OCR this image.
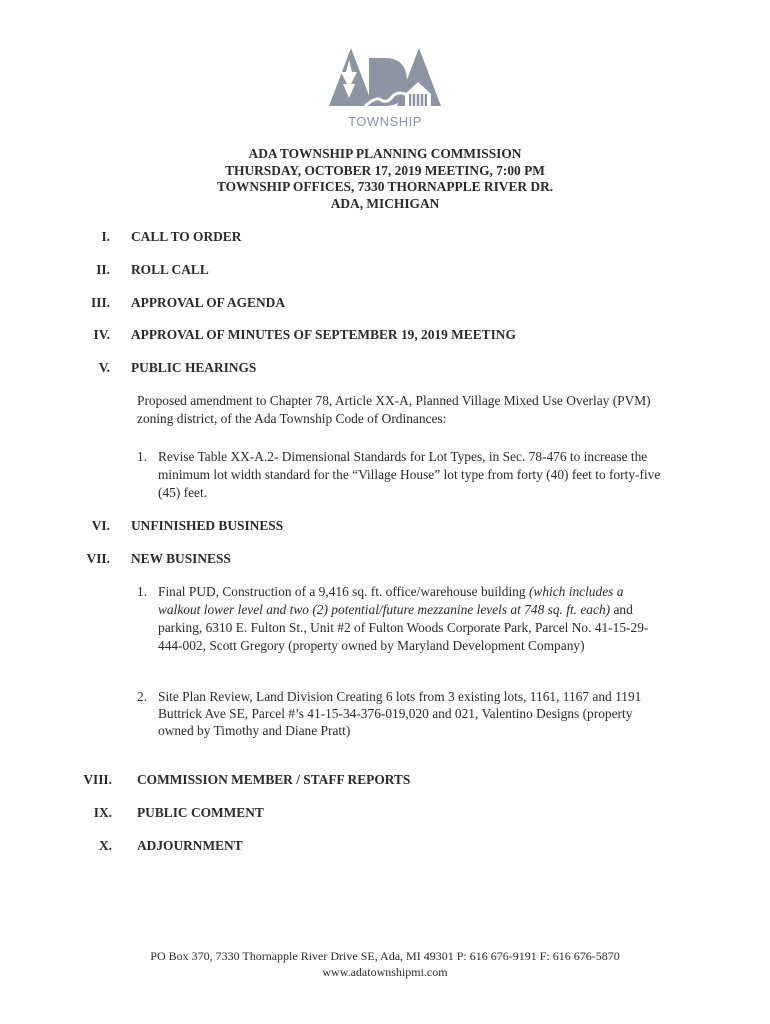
TOWNSHIP
ADA TOWNSHIP PLANNING COMMISSION
THURSDAY, OCTOBER 17, 2019 MEETING, 7:00 PM
TOWNSHIP OFFICES, 7330 THORNAPPLE RIVER DR.
ADA, MICHIGAN
I. CALL TO ORDER
II. ROLL CALL
III. APPROVAL OF AGENDA
IV. APPROVAL OF MINUTES OF SEPTEMBER 19, 2019 MEETING
V. PUBLIC HEARINGS
Proposed amendment to Chapter 78, Article XX-A, Planned Village Mixed Use Overlay (PVM)
zoning district, of the Ada Township Code of Ordinances:
1. Revise Table XX-A.2- Dimensional Standards for Lot Types, in Sec. 78-476 to increase the
minimum lot width standard for the “Village House” lot type from forty (40) feet to forty-five
(45) feet.
VI. UNFINISHED BUSINESS
VII. NEW BUSINESS
1. Final PUD, Construction of a 9,416 sq. ft. office/warehouse building (which includes a
walkout lower level and two (2) potential/future mezzanine levels at 748 sq. ft. each) and
parking, 6310 E. Fulton St., Unit #2 of Fulton Woods Corporate Park, Parcel No. 41-15-29-
444-002, Scott Gregory (property owned by Maryland Development Company)
2. Site Plan Review, Land Division Creating 6 lots from 3 existing lots, 1161, 1167 and 1191
Buttrick Ave SE, Parcel #’s 41-15-34-376-019,020 and 021, Valentino Designs (property
owned by Timothy and Diane Pratt)
VIII. COMMISSION MEMBER / STAFF REPORTS
IX. PUBLIC COMMENT
X. ADJOURNMENT
PO Box 370, 7330 Thornapple River Drive SE, Ada, MI 49301 P: 616 676-9191 F: 616 676-5870
www.adatownshipmi.com
